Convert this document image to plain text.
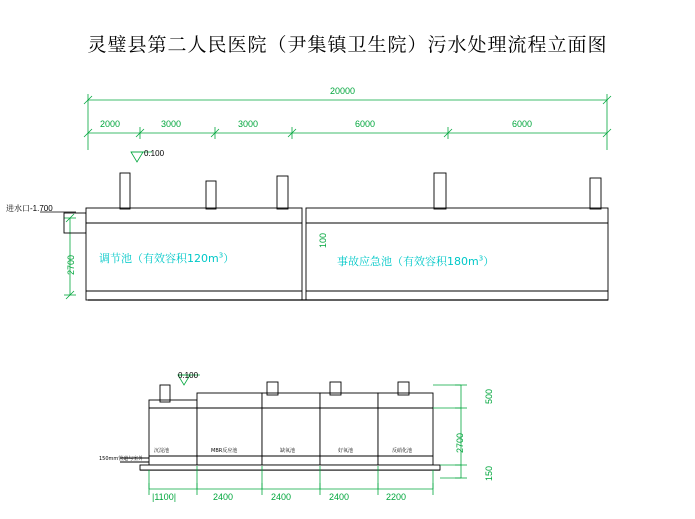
灵璧县第二人民医院（尹集镇卫生院）污水处理流程立面图
20000
2000	3000	3000	6000	6000
0.100
进水口-1.700
2700
100
调节池（有效容积$120m^3$）	事故应急池（有效容积$180m^3$）
0.100
150mm管道与室外
沉淀池	MBR反应池	缺氧池	好氧池	反硝化池
|1100|	2400	2400	2400	2200
500
2700
150
